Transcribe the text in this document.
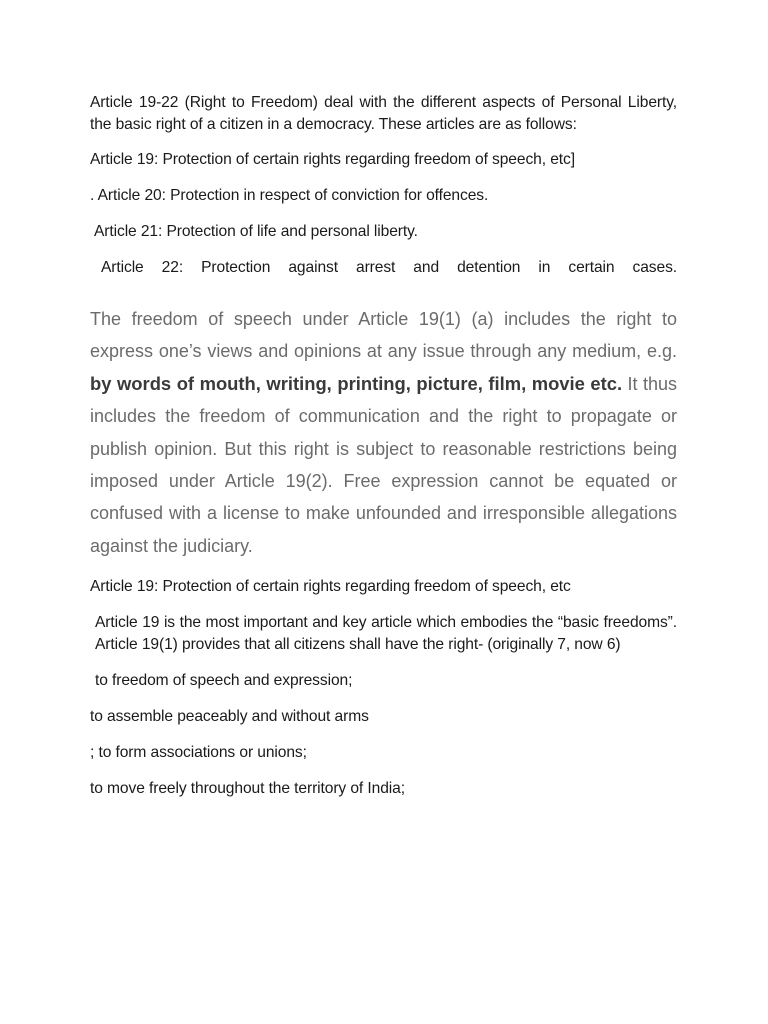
Article 19-22 (Right to Freedom) deal with the different aspects of Personal Liberty, the basic right of a citizen in a democracy. These articles are as follows:

Article 19: Protection of certain rights regarding freedom of speech, etc]

. Article 20: Protection in respect of conviction for offences.

Article 21: Protection of life and personal liberty.

Article 22: Protection against arrest and detention in certain cases.

The freedom of speech under Article 19(1) (a) includes the right to express one’s views and opinions at any issue through any medium, e.g. by words of mouth, writing, printing, picture, film, movie etc. It thus includes the freedom of communication and the right to propagate or publish opinion. But this right is subject to reasonable restrictions being imposed under Article 19(2). Free expression cannot be equated or confused with a license to make unfounded and irresponsible allegations against the judiciary.

Article 19: Protection of certain rights regarding freedom of speech, etc

Article 19 is the most important and key article which embodies the “basic freedoms”. Article 19(1) provides that all citizens shall have the right- (originally 7, now 6)

to freedom of speech and expression;

to assemble peaceably and without arms

; to form associations or unions;

to move freely throughout the territory of India;
